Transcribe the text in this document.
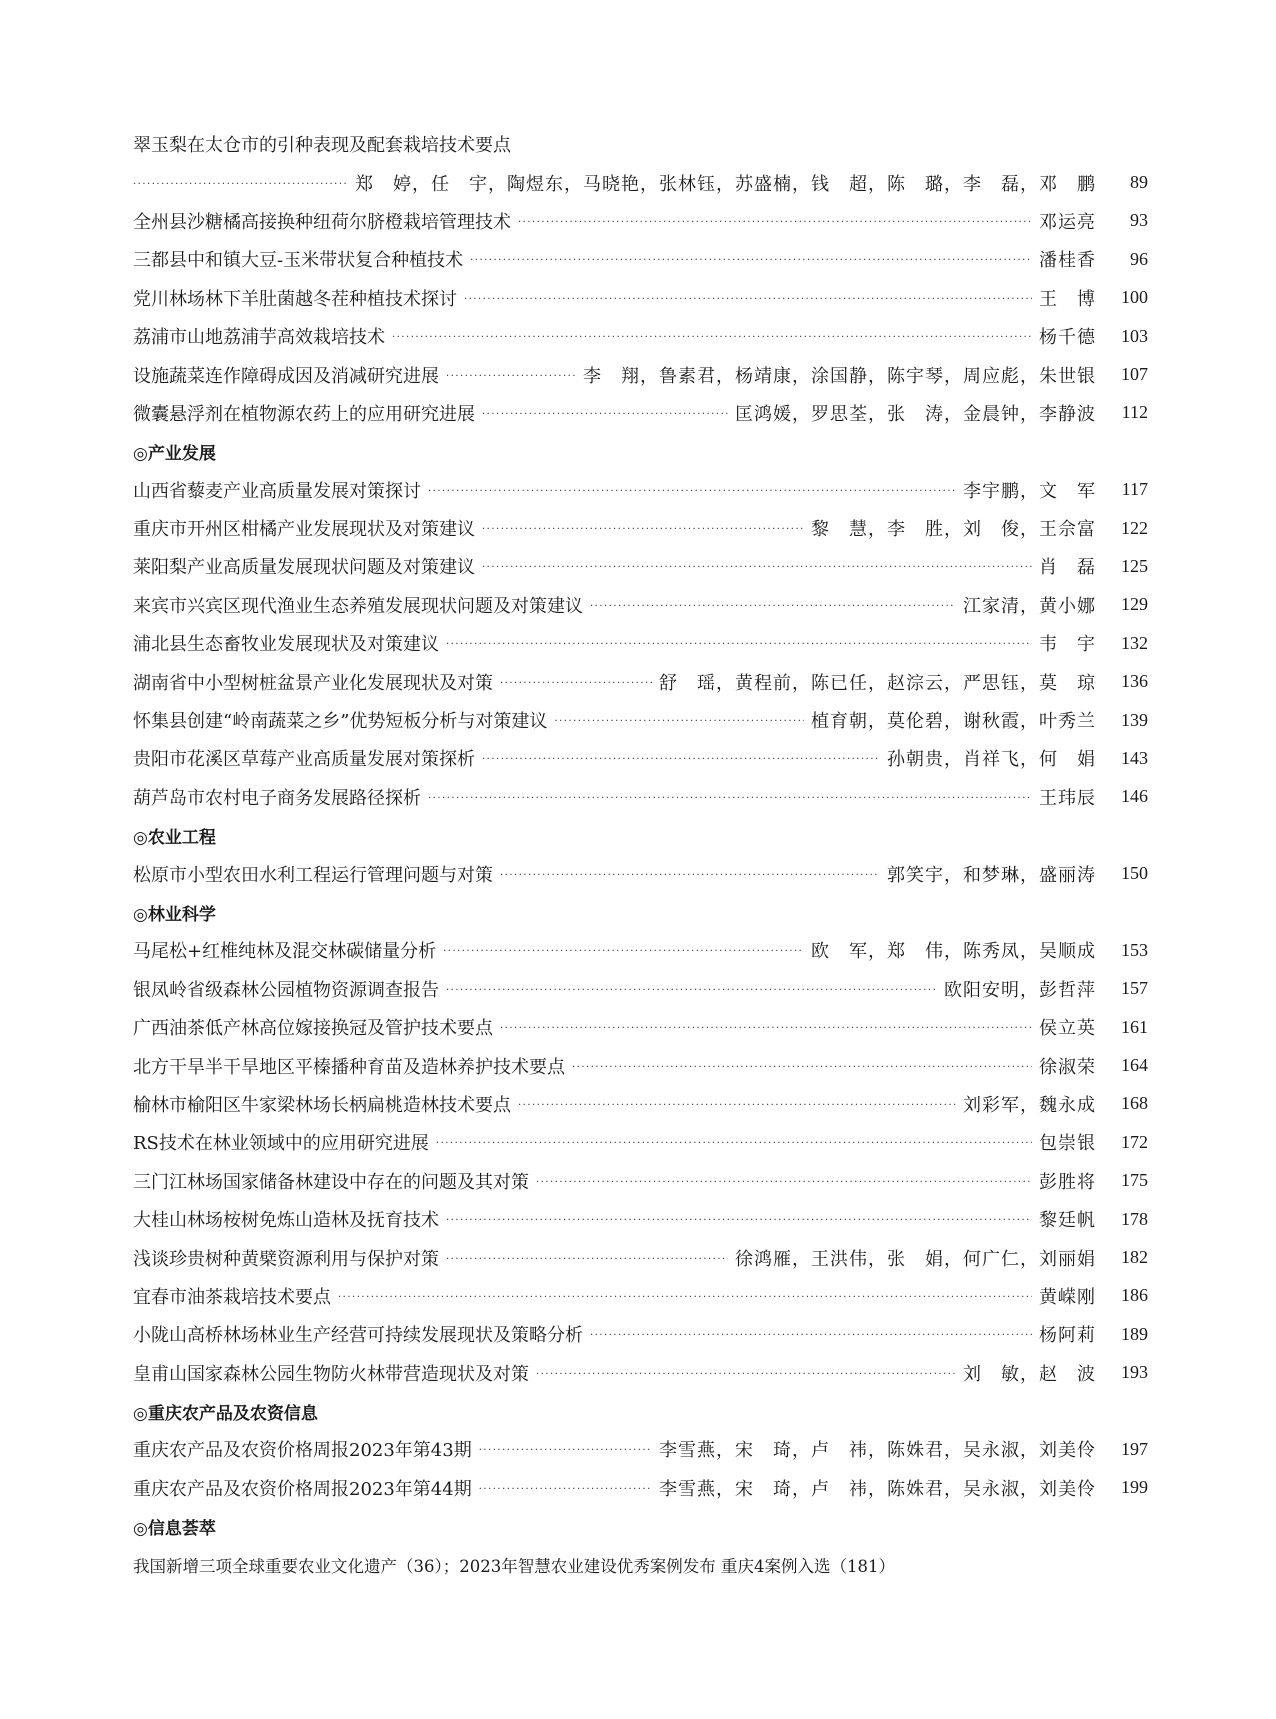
翠玉梨在太仓市的引种表现及配套栽培技术要点
·····
郑　婷，任　宇，陶煜东，马晓艳，张林钰，苏盛楠，钱　超，陈　璐，李　磊，邓　鹏	89
全州县沙糖橘高接换种纽荷尔脐橙栽培管理技术 ·····	邓运亮	93
三都县中和镇大豆-玉米带状复合种植技术 ·····	潘桂香	96
党川林场林下羊肚菌越冬茬种植技术探讨 ·····	王　博	100
荔浦市山地荔浦芋高效栽培技术 ·····	杨千德	103
设施蔬菜连作障碍成因及消减研究进展 ·····	李　翔，鲁素君，杨靖康，涂国静，陈宇琴，周应彪，朱世银	107
微囊悬浮剂在植物源农药上的应用研究进展 ·····	匡鸿媛，罗思荃，张　涛，金晨钟，李静波	112
◎产业发展
山西省藜麦产业高质量发展对策探讨 ·····	李宇鹏，文　军	117
重庆市开州区柑橘产业发展现状及对策建议 ·····	黎　慧，李　胜，刘　俊，王佘富	122
莱阳梨产业高质量发展现状问题及对策建议 ·····	肖　磊	125
来宾市兴宾区现代渔业生态养殖发展现状问题及对策建议 ·····	江家清，黄小娜	129
浦北县生态畜牧业发展现状及对策建议 ·····	韦　宇	132
湖南省中小型树桩盆景产业化发展现状及对策 ·····	舒　瑶，黄程前，陈已任，赵淙云，严思钰，莫　琼	136
怀集县创建“岭南蔬菜之乡”优势短板分析与对策建议 ·····	植育朝，莫伦碧，谢秋霞，叶秀兰	139
贵阳市花溪区草莓产业高质量发展对策探析 ·····	孙朝贵，肖祥飞，何　娟	143
葫芦岛市农村电子商务发展路径探析 ·····	王玮辰	146
◎农业工程
松原市小型农田水利工程运行管理问题与对策 ·····	郭笑宇，和梦琳，盛丽涛	150
◎林业科学
马尾松+红椎纯林及混交林碳储量分析 ·····	欧　军，郑　伟，陈秀凤，吴顺成	153
银凤岭省级森林公园植物资源调查报告 ·····	欧阳安明，彭哲萍	157
广西油茶低产林高位嫁接换冠及管护技术要点 ·····	侯立英	161
北方干旱半干旱地区平榛播种育苗及造林养护技术要点 ·····	徐淑荣	164
榆林市榆阳区牛家梁林场长柄扁桃造林技术要点 ·····	刘彩军，魏永成	168
RS技术在林业领域中的应用研究进展 ·····	包崇银	172
三门江林场国家储备林建设中存在的问题及其对策 ·····	彭胜将	175
大桂山林场桉树免炼山造林及抚育技术 ·····	黎廷帆	178
浅谈珍贵树种黄檗资源利用与保护对策 ·····	徐鸿雁，王洪伟，张　娟，何广仁，刘丽娟	182
宜春市油茶栽培技术要点 ·····	黄嵘刚	186
小陇山高桥林场林业生产经营可持续发展现状及策略分析 ·····	杨阿莉	189
皇甫山国家森林公园生物防火林带营造现状及对策 ·····	刘　敏，赵　波	193
◎重庆农产品及农资信息
重庆农产品及农资价格周报2023年第43期 ·····	李雪燕，宋　琦，卢　祎，陈姝君，吴永淑，刘美伶	197
重庆农产品及农资价格周报2023年第44期 ·····	李雪燕，宋　琦，卢　祎，陈姝君，吴永淑，刘美伶	199
◎信息荟萃
我国新增三项全球重要农业文化遗产（36）；2023年智慧农业建设优秀案例发布 重庆4案例入选（181）
